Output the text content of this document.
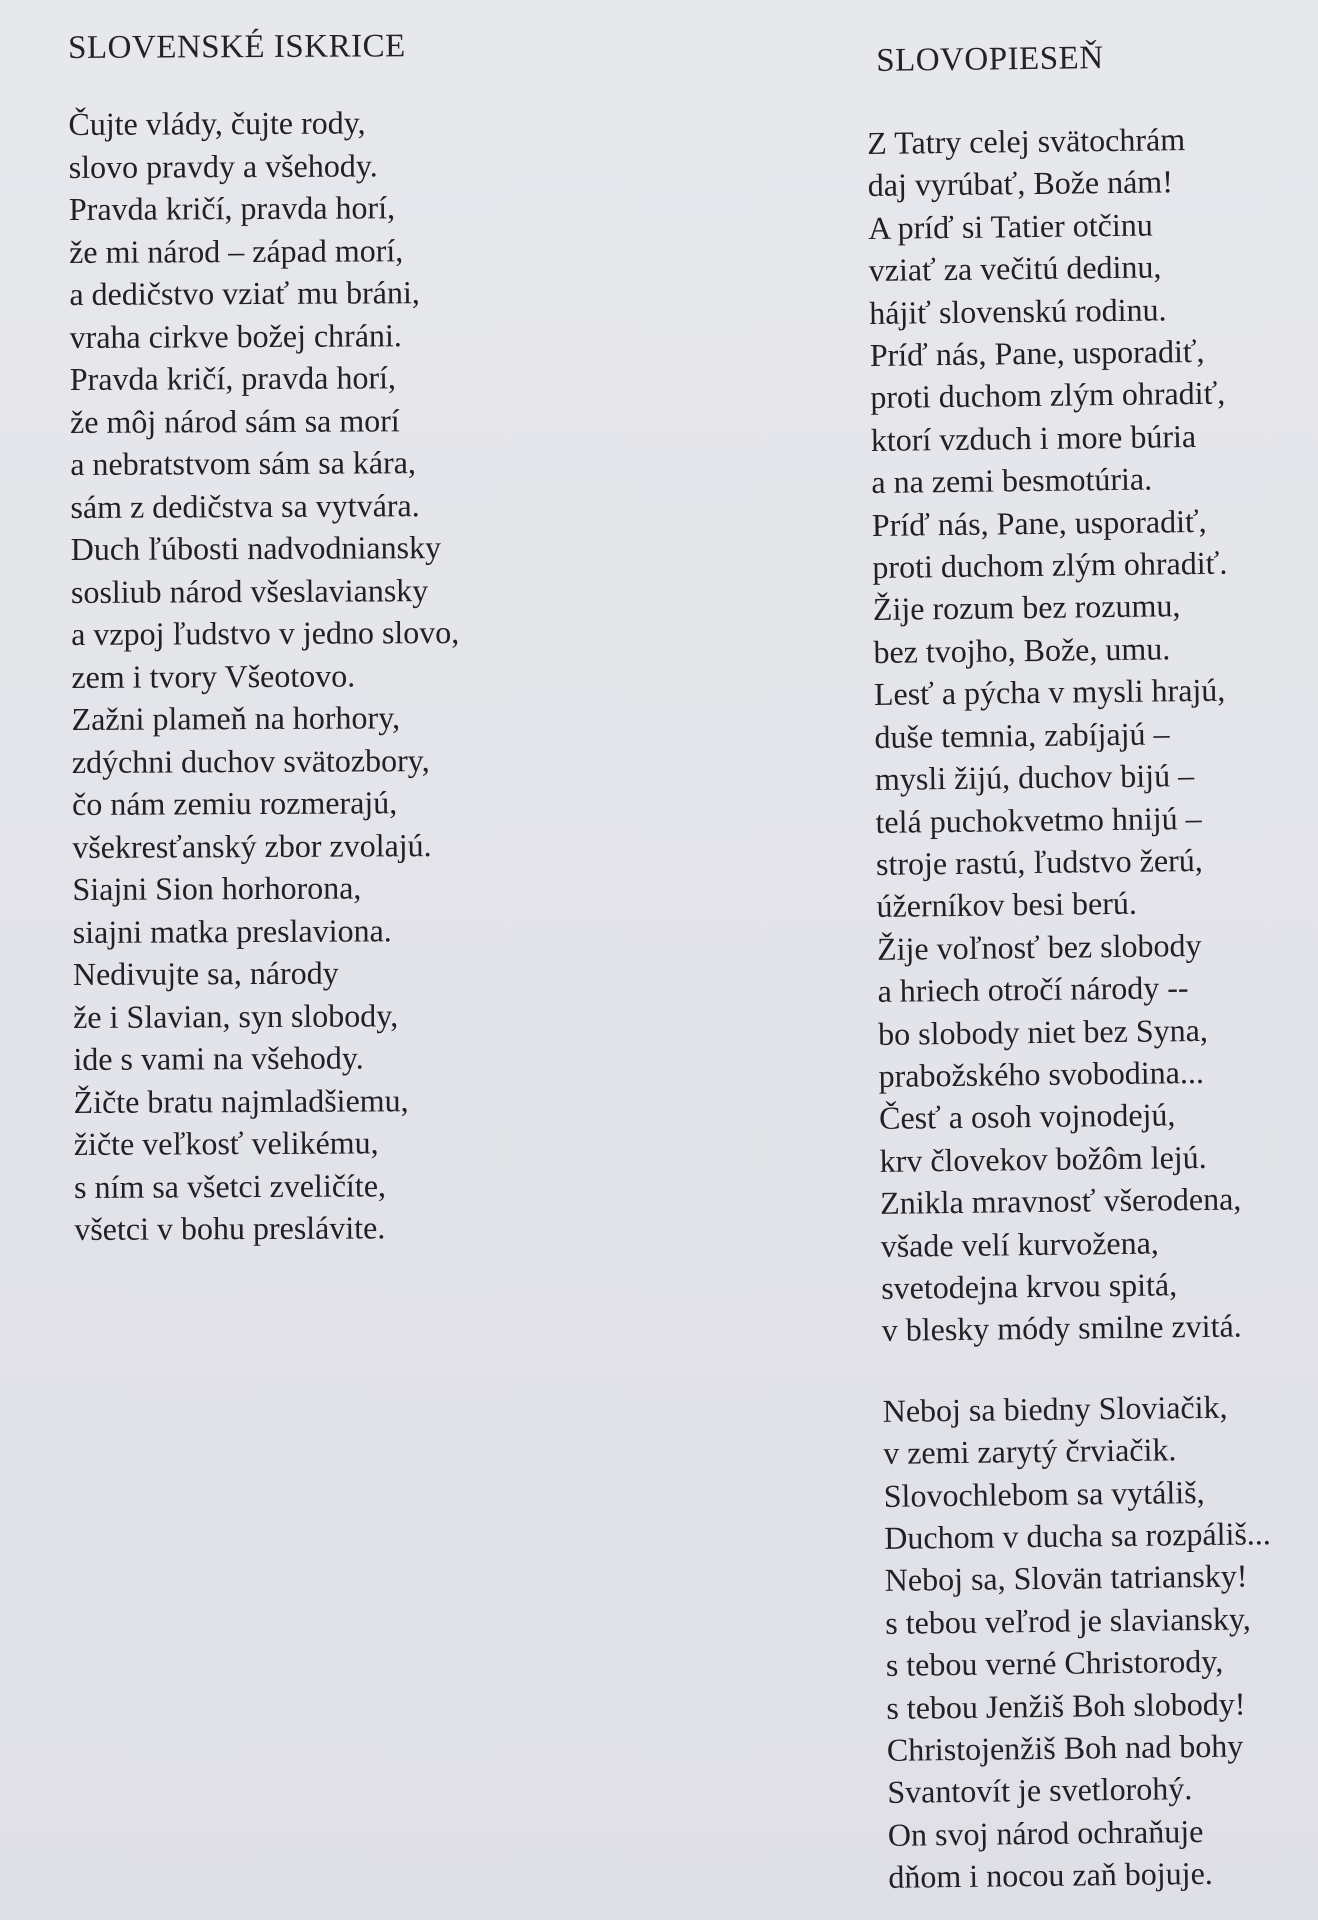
SLOVENSKÉ ISKRICE
Čujte vlády, čujte rody,
slovo pravdy a všehody.
Pravda kričí, pravda horí,
že mi národ – západ morí,
a dedičstvo vziať mu bráni,
vraha cirkve božej chráni.
Pravda kričí, pravda horí,
že môj národ sám sa morí
a nebratstvom sám sa kára,
sám z dedičstva sa vytvára.
Duch ľúbosti nadvodniansky
sosliub národ všeslaviansky
a vzpoj ľudstvo v jedno slovo,
zem i tvory Všeotovo.
Zažni plameň na horhory,
zdýchni duchov svätozbory,
čo nám zemiu rozmerajú,
všekresťanský zbor zvolajú.
Siajni Sion horhorona,
siajni matka preslaviona.
Nedivujte sa, národy
že i Slavian, syn slobody,
ide s vami na všehody.
Žičte bratu najmladšiemu,
žičte veľkosť velikému,
s ním sa všetci zveličíte,
všetci v bohu preslávite.
SLOVOPIESEŇ
Z Tatry celej svätochrám
daj vyrúbať, Bože nám!
A príď si Tatier otčinu
vziať za večitú dedinu,
hájiť slovenskú rodinu.
Príď nás, Pane, usporadiť,
proti duchom zlým ohradiť,
ktorí vzduch i more búria
a na zemi besmotúria.
Príď nás, Pane, usporadiť,
proti duchom zlým ohradiť.
Žije rozum bez rozumu,
bez tvojho, Bože, umu.
Lesť a pýcha v mysli hrajú,
duše temnia, zabíjajú –
mysli žijú, duchov bijú –
telá puchokvetmo hnijú –
stroje rastú, ľudstvo žerú,
úžerníkov besi berú.
Žije voľnosť bez slobody
a hriech otročí národy --
bo slobody niet bez Syna,
prabožského svobodina...
Česť a osoh vojnodejú,
krv človekov božôm lejú.
Znikla mravnosť všerodena,
všade velí kurvožena,
svetodejna krvou spitá,
v blesky módy smilne zvitá.
Neboj sa biedny Sloviačik,
v zemi zarytý črviačik.
Slovochlebom sa vytáliš,
Duchom v ducha sa rozpáliš...
Neboj sa, Slovän tatriansky!
s tebou veľrod je slaviansky,
s tebou verné Christorody,
s tebou Jenžiš Boh slobody!
Christojenžiš Boh nad bohy
Svantovít je svetlorohý.
On svoj národ ochraňuje
dňom i nocou zaň bojuje.
